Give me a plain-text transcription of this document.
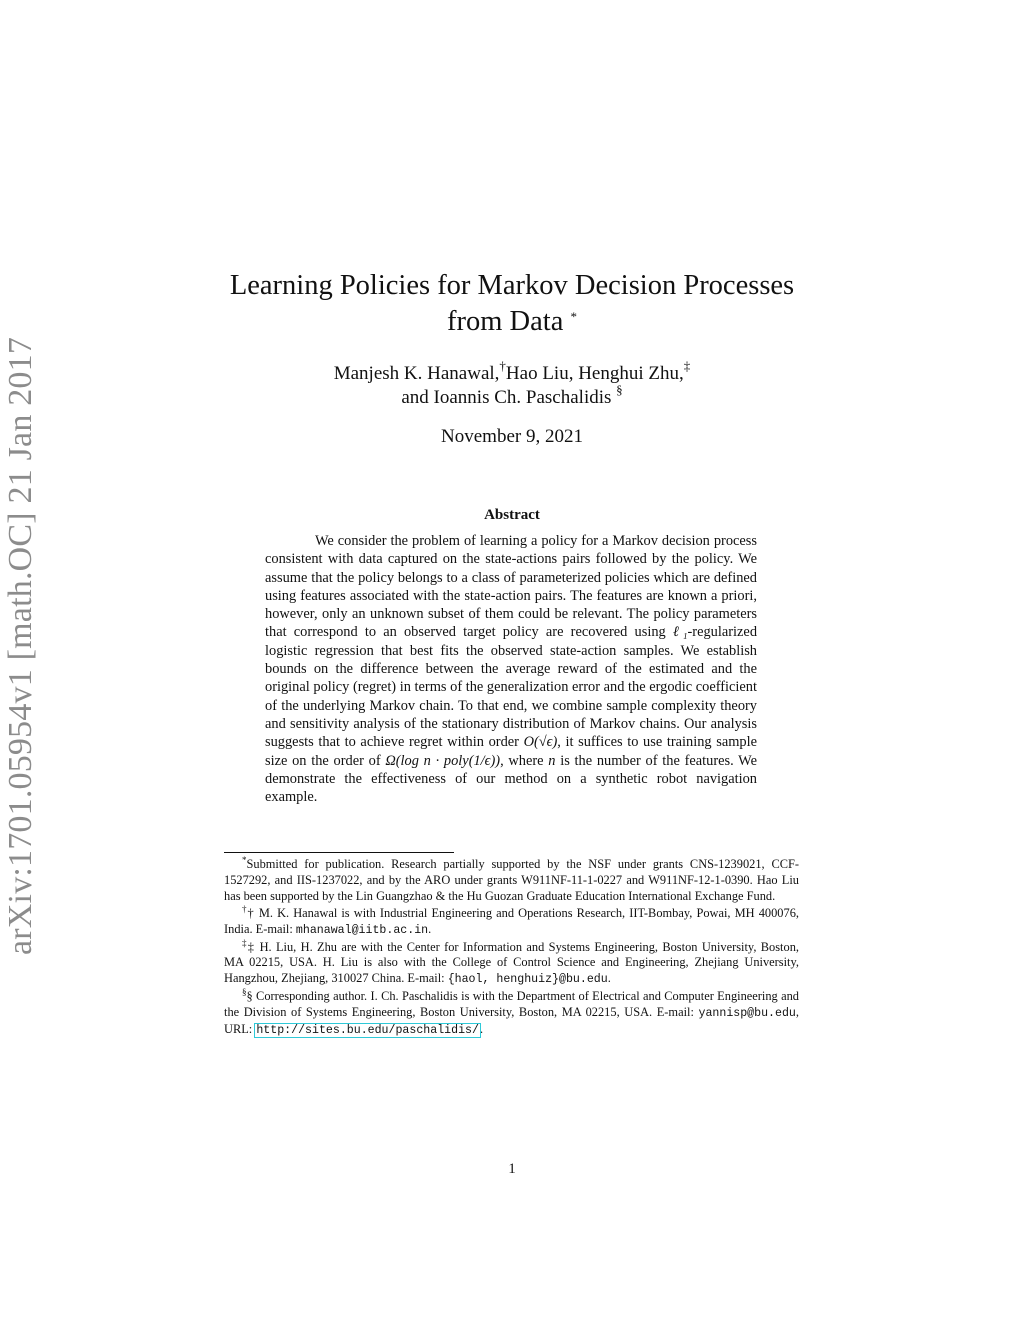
arXiv:1701.05954v1 [math.OC] 21 Jan 2017
Learning Policies for Markov Decision Processes
from Data *
Manjesh K. Hanawal,†Hao Liu, Henghui Zhu,‡
and Ioannis Ch. Paschalidis §
November 9, 2021
Abstract
We consider the problem of learning a policy for a Markov decision process consistent with data captured on the state-actions pairs followed by the policy. We assume that the policy belongs to a class of parameterized policies which are defined using features associated with the state-action pairs. The features are known a priori, however, only an unknown subset of them could be relevant. The policy parameters that correspond to an observed target policy are recovered using ℓ₁-regularized logistic regression that best fits the observed state-action samples. We establish bounds on the difference between the average reward of the estimated and the original policy (regret) in terms of the generalization error and the ergodic coefficient of the underlying Markov chain. To that end, we combine sample complexity theory and sensitivity analysis of the stationary distribution of Markov chains. Our analysis suggests that to achieve regret within order O(√ϵ), it suffices to use training sample size on the order of Ω(log n · poly(1/ϵ)), where n is the number of the features. We demonstrate the effectiveness of our method on a synthetic robot navigation example.

*Submitted for publication. Research partially supported by the NSF under grants CNS-1239021, CCF-1527292, and IIS-1237022, and by the ARO under grants W911NF-11-1-0227 and W911NF-12-1-0390. Hao Liu has been supported by the Lin Guangzhao & the Hu Guozan Graduate Education International Exchange Fund.

†† M. K. Hanawal is with Industrial Engineering and Operations Research, IIT-Bombay, Powai, MH 400076, India. E-mail: mhanawal@iitb.ac.in.

‡‡ H. Liu, H. Zhu are with the Center for Information and Systems Engineering, Boston University, Boston, MA 02215, USA. H. Liu is also with the College of Control Science and Engineering, Zhejiang University, Hangzhou, Zhejiang, 310027 China. E-mail: {haol, henghuiz}@bu.edu.

§§ Corresponding author. I. Ch. Paschalidis is with the Department of Electrical and Computer Engineering and the Division of Systems Engineering, Boston University, Boston, MA 02215, USA. E-mail: yannisp@bu.edu, URL: http://sites.bu.edu/paschalidis/.

1
